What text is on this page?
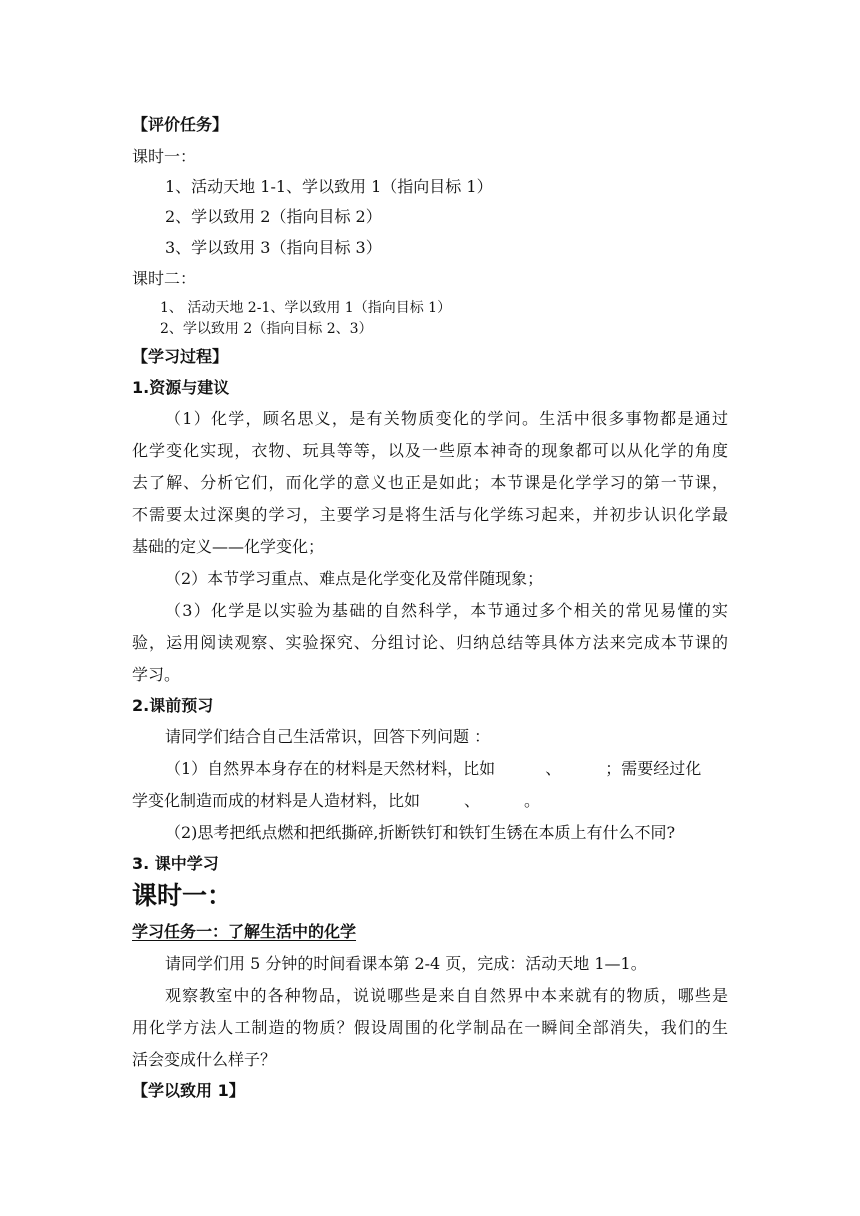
【评价任务】
课时一：
1、活动天地 1-1、学以致用 1（指向目标 1）
2、学以致用 2（指向目标 2）
3、学以致用 3（指向目标 3）
课时二：
1、 活动天地 2-1、学以致用 1（指向目标 1）
2、学以致用 2（指向目标 2、3）
【学习过程】
1.资源与建议
（1）化学，顾名思义，是有关物质变化的学问。生活中很多事物都是通过
化学变化实现，衣物、玩具等等，以及一些原本神奇的现象都可以从化学的角度
去了解、分析它们，而化学的意义也正是如此；本节课是化学学习的第一节课，
不需要太过深奥的学习，主要学习是将生活与化学练习起来，并初步认识化学最
基础的定义——化学变化；
（2）本节学习重点、难点是化学变化及常伴随现象；
（3）化学是以实验为基础的自然科学，本节通过多个相关的常见易懂的实
验，运用阅读观察、实验探究、分组讨论、归纳总结等具体方法来完成本节课的
学习。
2.课前预习
请同学们结合自己生活常识，回答下列问题 ：
（1）自然界本身存在的材料是天然材料，比如	、	；需要经过化
学变化制造而成的材料是人造材料，比如	、	。
（2)思考把纸点燃和把纸撕碎,折断铁钉和铁钉生锈在本质上有什么不同?
3. 课中学习
课时一：
学习任务一：了解生活中的化学
请同学们用 5 分钟的时间看课本第 2-4 页，完成：活动天地 1—1。
观察教室中的各种物品，说说哪些是来自自然界中本来就有的物质，哪些是
用化学方法人工制造的物质？假设周围的化学制品在一瞬间全部消失，我们的生
活会变成什么样子？
【学以致用 1】
